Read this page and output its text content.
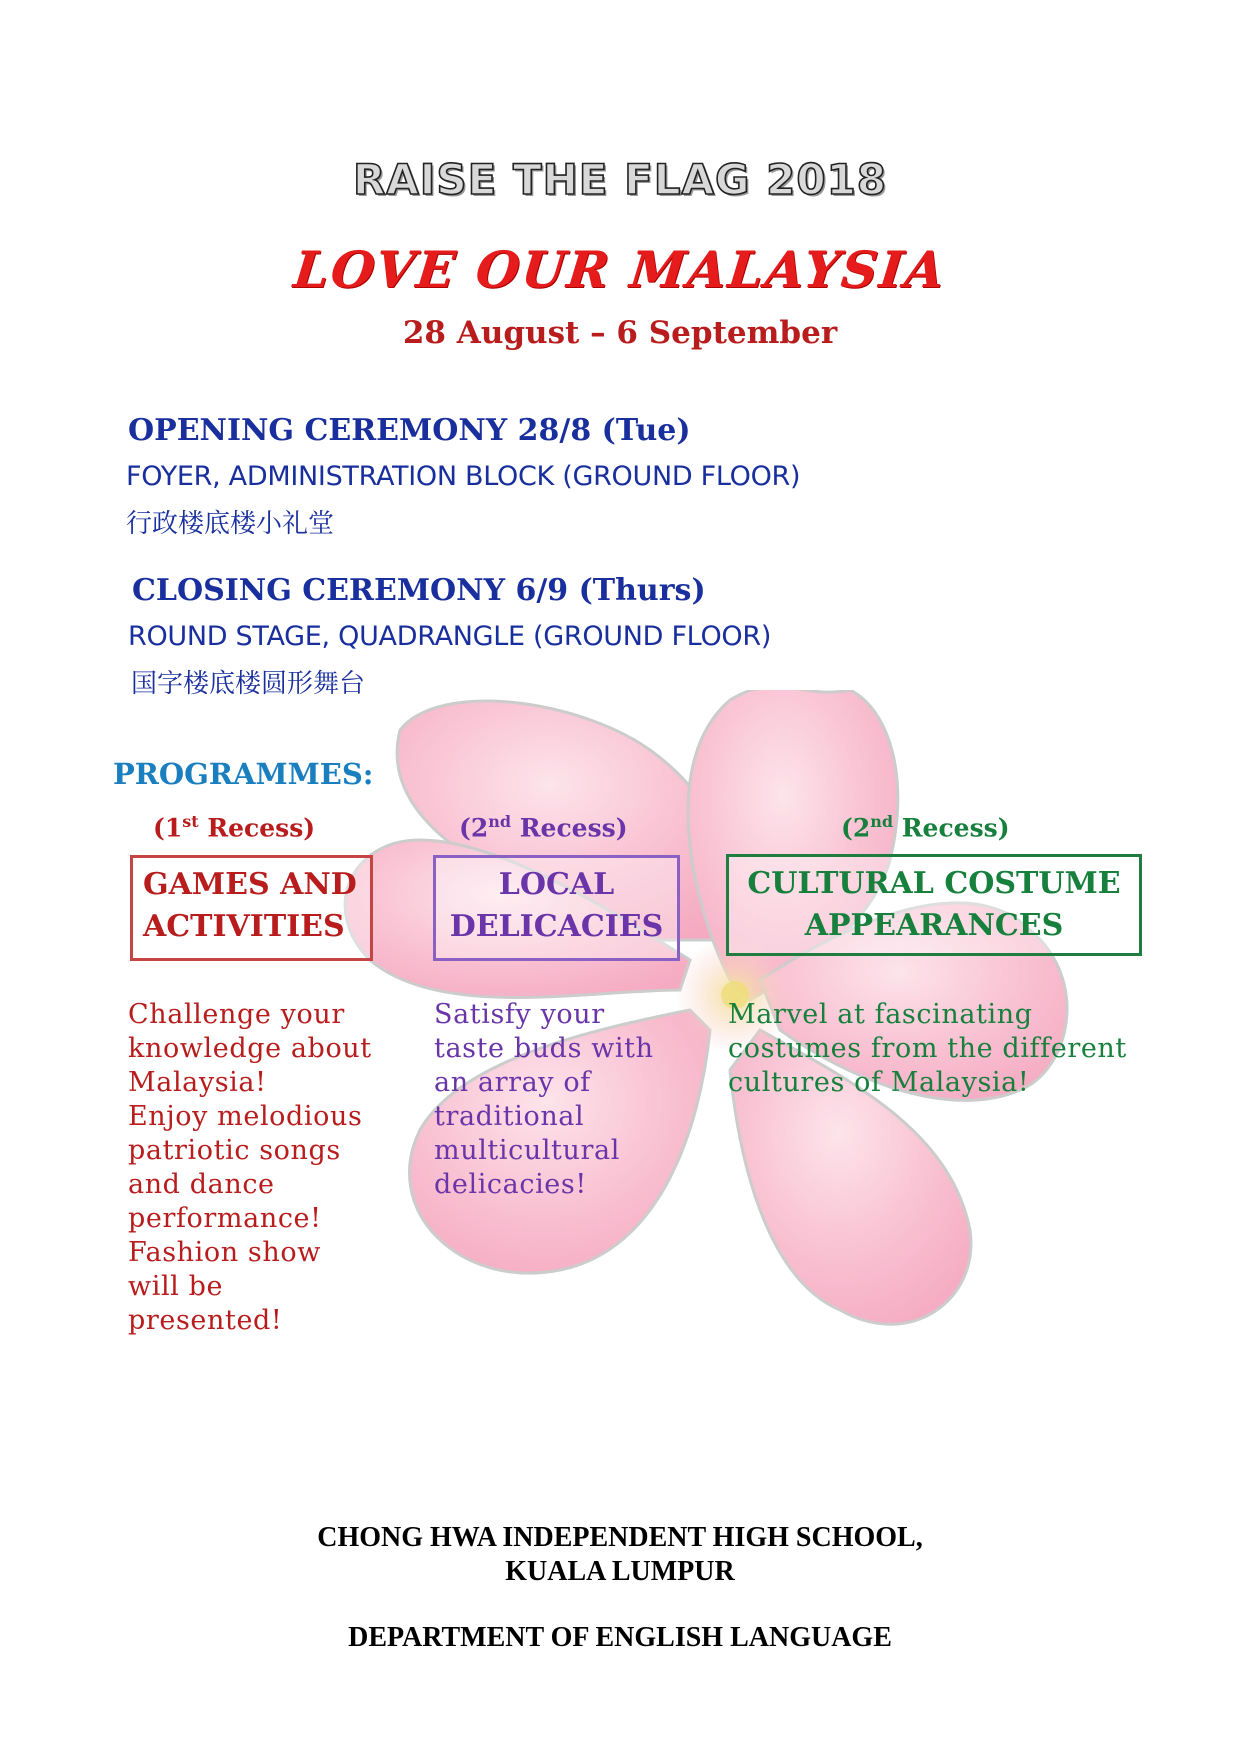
RAISE THE FLAG 2018
LOVE OUR MALAYSIA
28 August – 6 September
OPENING CEREMONY 28/8 (Tue)
FOYER, ADMINISTRATION BLOCK (GROUND FLOOR)
行政楼底楼小礼堂
CLOSING CEREMONY 6/9 (Thurs)
ROUND STAGE, QUADRANGLE (GROUND FLOOR)
国字楼底楼圆形舞台
PROGRAMMES:
(1st Recess)
GAMES AND
ACTIVITIES
Challenge your
knowledge about
Malaysia!
Enjoy melodious
patriotic songs
and dance
performance!
Fashion show
will be
presented!
(2nd Recess)
LOCAL
DELICACIES
Satisfy your
taste buds with
an array of
traditional
multicultural
delicacies!
(2nd Recess)
CULTURAL COSTUME
APPEARANCES
Marvel at fascinating
costumes from the different
cultures of Malaysia!
CHONG HWA INDEPENDENT HIGH SCHOOL,
KUALA LUMPUR
DEPARTMENT OF ENGLISH LANGUAGE
